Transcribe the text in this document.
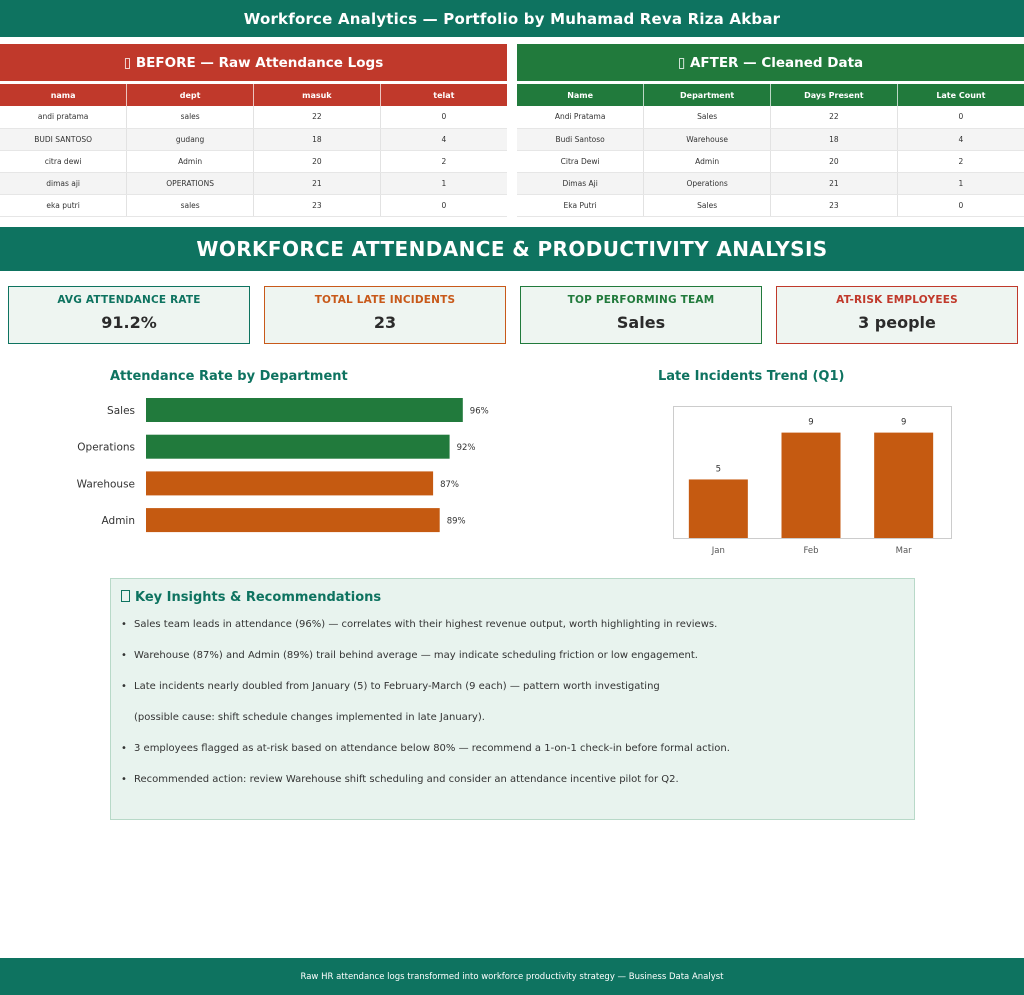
Workforce Analytics — Portfolio by Muhamad Reva Riza Akbar
▯ BEFORE — Raw Attendance Logs	▯ AFTER — Cleaned Data
nama	dept	masuk	telat
andi pratama	sales	22	0
BUDI SANTOSO	gudang	18	4
citra dewi	Admin	20	2
dimas aji	OPERATIONS	21	1
eka putri	sales	23	0
Name	Department	Days Present	Late Count
Andi Pratama	Sales	22	0
Budi Santoso	Warehouse	18	4
Citra Dewi	Admin	20	2
Dimas Aji	Operations	21	1
Eka Putri	Sales	23	0
WORKFORCE ATTENDANCE & PRODUCTIVITY ANALYSIS
AVG ATTENDANCE RATE
91.2%
TOTAL LATE INCIDENTS
23
TOP PERFORMING TEAM
Sales
AT-RISK EMPLOYEES
3 people
Attendance Rate by Department
Sales	96%
Operations	92%
Warehouse	87%
Admin	89%
Late Incidents Trend (Q1)
5
Jan
9
Feb
9
Mar
Key Insights & Recommendations
• Sales team leads in attendance (96%) — correlates with their highest revenue output, worth highlighting in reviews.
• Warehouse (87%) and Admin (89%) trail behind average — may indicate scheduling friction or low engagement.
• Late incidents nearly doubled from January (5) to February-March (9 each) — pattern worth investigating
(possible cause: shift schedule changes implemented in late January).
• 3 employees flagged as at-risk based on attendance below 80% — recommend a 1-on-1 check-in before formal action.
• Recommended action: review Warehouse shift scheduling and consider an attendance incentive pilot for Q2.
Raw HR attendance logs transformed into workforce productivity strategy — Business Data Analyst
